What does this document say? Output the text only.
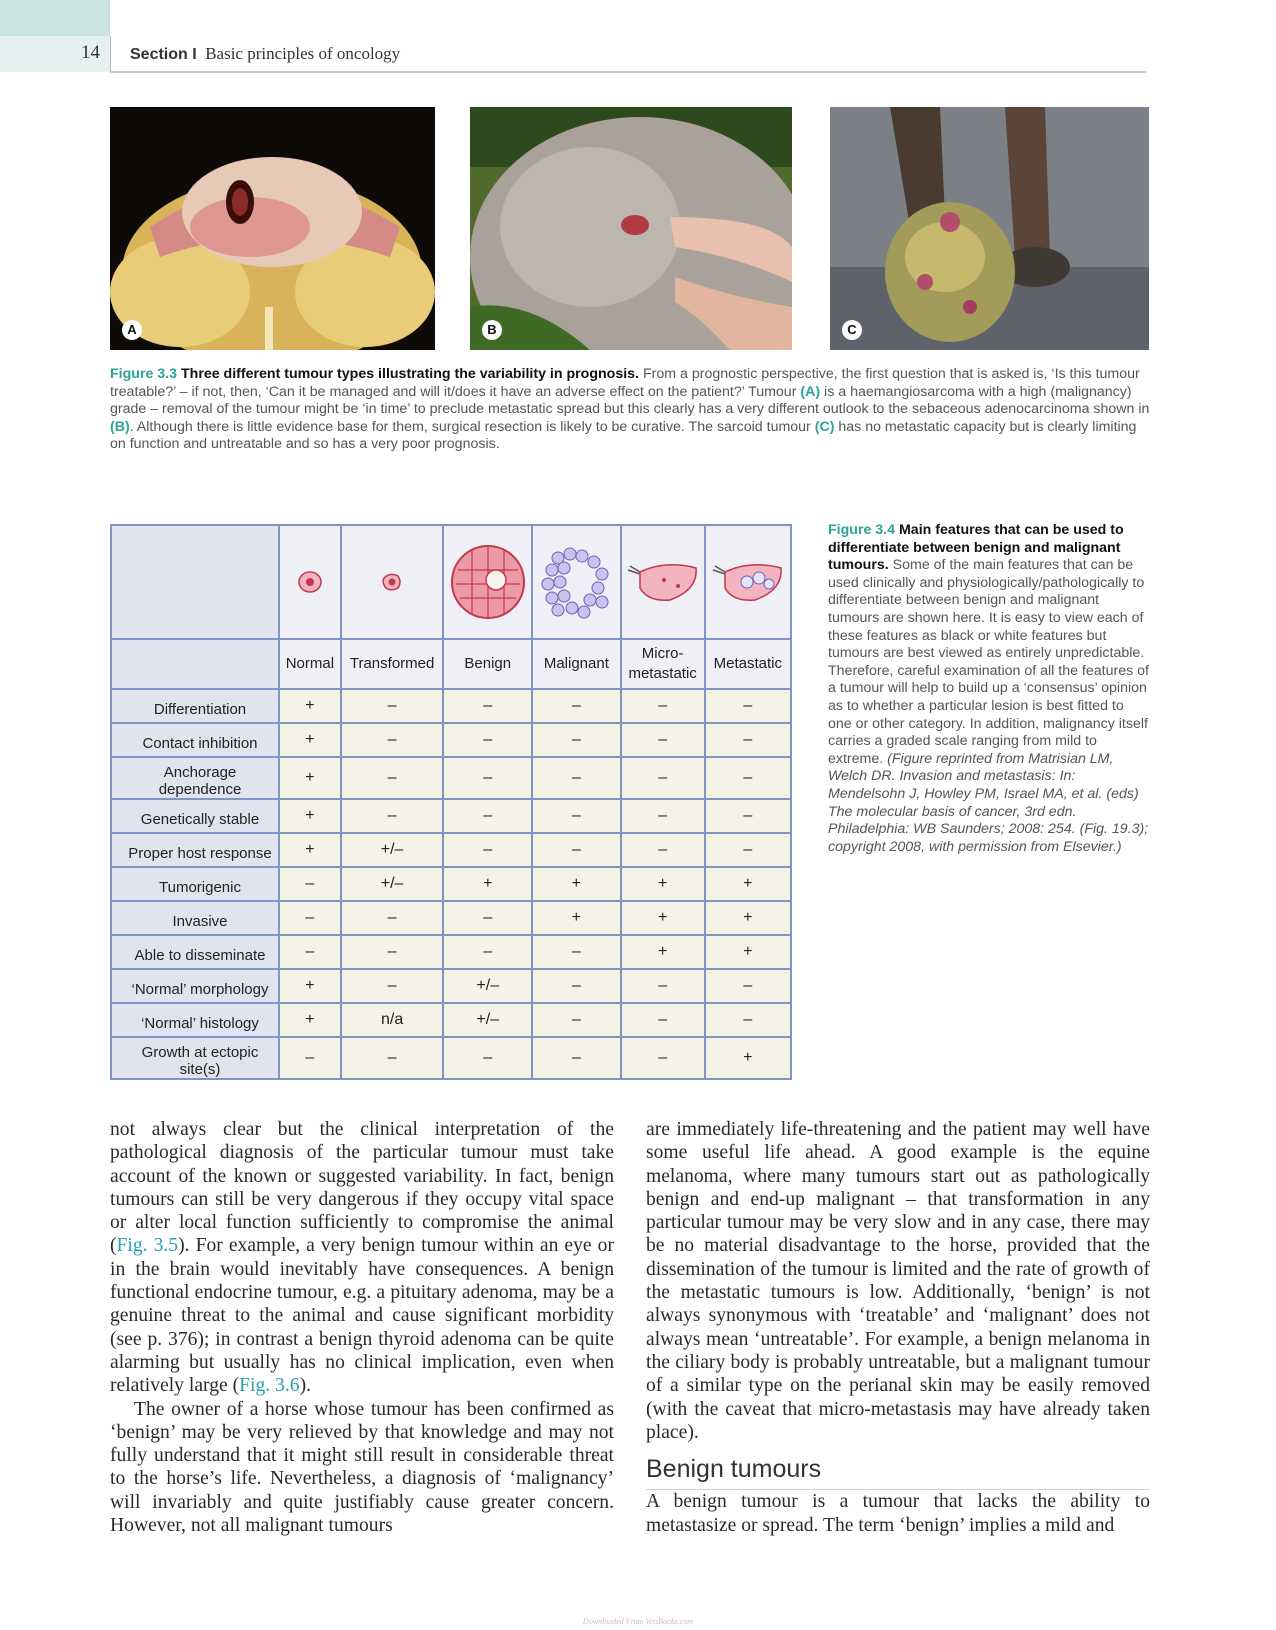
14 Section I Basic principles of oncology
A	B	C
Figure 3.3 Three different tumour types illustrating the variability in prognosis. From a prognostic perspective, the first question that is asked is, ‘Is this tumour treatable?’ – if not, then, ‘Can it be managed and will it/does it have an adverse effect on the patient?’ Tumour (A) is a haemangiosarcoma with a high (malignancy) grade – removal of the tumour might be ‘in time’ to preclude metastatic spread but this clearly has a very different outlook to the sebaceous adenocarcinoma shown in (B). Although there is little evidence base for them, surgical resection is likely to be curative. The sarcoid tumour (C) has no metastatic capacity but is clearly limiting on function and untreatable and so has a very poor prognosis.

	Normal	Transformed	Benign	Malignant	Micro-metastatic	Metastatic
Differentiation	+	–	–	–	–	–
Contact inhibition	+	–	–	–	–	–
Anchorage dependence	+	–	–	–	–	–
Genetically stable	+	–	–	–	–	–
Proper host response	+	+/–	–	–	–	–
Tumorigenic	–	+/–	+	+	+	+
Invasive	–	–	–	+	+	+
Able to disseminate	–	–	–	–	+	+
‘Normal’ morphology	+	–	+/–	–	–	–
‘Normal’ histology	+	n/a	+/–	–	–	–
Growth at ectopic site(s)	–	–	–	–	–	+
Figure 3.4 Main features that can be used to differentiate between benign and malignant tumours. Some of the main features that can be used clinically and physiologically/pathologically to differentiate between benign and malignant tumours are shown here. It is easy to view each of these features as black or white features but tumours are best viewed as entirely unpredictable. Therefore, careful examination of all the features of a tumour will help to build up a ‘consensus’ opinion as to whether a particular lesion is best fitted to one or other category. In addition, malignancy itself carries a graded scale ranging from mild to extreme. (Figure reprinted from Matrisian LM, Welch DR. Invasion and metastasis: In: Mendelsohn J, Howley PM, Israel MA, et al. (eds) The molecular basis of cancer, 3rd edn. Philadelphia: WB Saunders; 2008: 254. (Fig. 19.3); copyright 2008, with permission from Elsevier.)

not always clear but the clinical interpretation of the pathological diagnosis of the particular tumour must take account of the known or suggested variability. In fact, benign tumours can still be very dangerous if they occupy vital space or alter local function sufficiently to compromise the animal (Fig. 3.5). For example, a very benign tumour within an eye or in the brain would inevitably have consequences. A benign functional endocrine tumour, e.g. a pituitary adenoma, may be a genuine threat to the animal and cause significant morbidity (see p. 376); in contrast a benign thyroid adenoma can be quite alarming but usually has no clinical implication, even when relatively large (Fig. 3.6).

The owner of a horse whose tumour has been confirmed as ‘benign’ may be very relieved by that knowledge and may not fully understand that it might still result in considerable threat to the horse’s life. Nevertheless, a diagnosis of ‘malignancy’ will invariably and quite justifiably cause greater concern. However, not all malignant tumours

are immediately life-threatening and the patient may well have some useful life ahead. A good example is the equine melanoma, where many tumours start out as pathologically benign and end-up malignant – that transformation in any particular tumour may be very slow and in any case, there may be no material disadvantage to the horse, provided that the dissemination of the tumour is limited and the rate of growth of the metastatic tumours is low. Additionally, ‘benign’ is not always synonymous with ‘treatable’ and ‘malignant’ does not always mean ‘untreatable’. For example, a benign melanoma in the ciliary body is probably untreatable, but a malignant tumour of a similar type on the perianal skin may be easily removed (with the caveat that micro-metastasis may have already taken place).

Benign tumours

A benign tumour is a tumour that lacks the ability to metastasize or spread. The term ‘benign’ implies a mild and

Downloaded From VetsBooks.com
